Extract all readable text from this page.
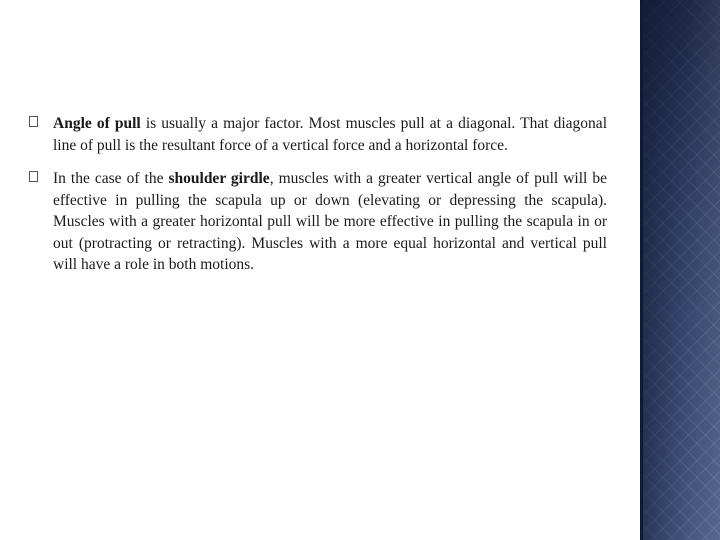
Angle of pull is usually a major factor. Most muscles pull at a diagonal. That diagonal line of pull is the resultant force of a vertical force and a horizontal force.
In the case of the shoulder girdle, muscles with a greater vertical angle of pull will be effective in pulling the scapula up or down (elevating or depressing the scapula). Muscles with a greater horizontal pull will be more effective in pulling the scapula in or out (protracting or retracting). Muscles with a more equal horizontal and vertical pull will have a role in both motions.
